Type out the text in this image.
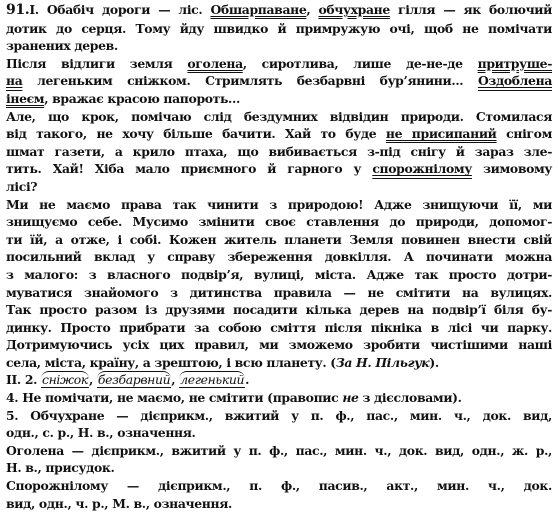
91.I. Обабіч дороги — ліс. Обшарпаване, обчухране гілля — як болючий
дотик до серця. Тому йду швидко й примружую очі, щоб не помічати
зранених дерев.
Після відлиги земля оголена, сиротлива, лише де-не-де притруше-
на легеньким сніжком. Стримлять безбарвні бур’янини... Оздоблена
інеєм, вражає красою папороть...
Але, що крок, помічаю слід бездумних відвідин природи. Стомилася
від такого, не хочу більше бачити. Хай то буде не присипаний снігом
шмат газети, а крило птаха, що вибивається з-під снігу й зараз зле-
тить. Хай! Хіба мало приємного й гарного у спорожнілому зимовому
лісі?
Ми не маємо права так чинити з природою! Адже знищуючи її, ми
знищуємо себе. Мусимо змінити своє ставлення до природи, допомог-
ти їй, а отже, і собі. Кожен житель планети Земля повинен внести свій
посильний вклад у справу збереження довкілля. А починати можна
з малого: з власного подвір’я, вулиці, міста. Адже так просто дотри-
муватися знайомого з дитинства правила — не смітити на вулицях.
Так просто разом із друзями посадити кілька дерев на подвір’ї біля бу-
динку. Просто прибрати за собою сміття після пікніка в лісі чи парку.
Дотримуючись усіх цих правил, ми зможемо зробити чистішими наші
села, міста, країну, а зрештою, і всю планету. (За Н. Пільгук).
II. 2. сніжок, безбарвний, легенький.
4. Не помічати, не маємо, не смітити (правопис не з дієсловами).
5. Обчухране — дієприкм., вжитий у п. ф., пас., мин. ч., док. вид,
одн., с. р., Н. в., означення.
Оголена — дієприкм., вжитий у п. ф., пас., мин. ч., док. вид, одн., ж. р.,
Н. в., присудок.
Спорожнілому — дієприкм., п. ф., пасив., акт., мин. ч., док.
вид, одн., ч. р., М. в., означення.
